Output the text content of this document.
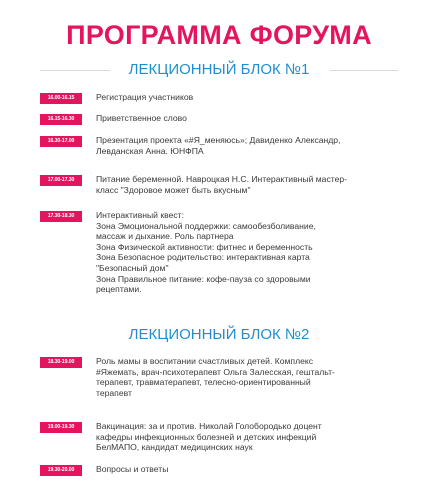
ПРОГРАММА ФОРУМА
ЛЕКЦИОННЫЙ БЛОК №1
16.00-16.15	Регистрация участников
16.15-16.30	Приветственное слово
16.30-17.00	Презентация проекта «#Я_меняюсь»; Давиденко Александр,
Левданская Анна. ЮНФПА
17.00-17.30	Питание беременной. Навроцкая Н.С. Интерактивный мастер-
класс "Здоровое может быть вкусным"
17.30-18.30	Интерактивный квест:
Зона Эмоциональной поддержки: самообезболивание,
массаж и дыхание. Роль партнера
Зона Физической активности: фитнес и беременность
Зона Безопасное родительство: интерактивная карта
"Безопасный дом"
Зона Правильное питание: кофе-пауза со здоровыми
рецептами.
ЛЕКЦИОННЫЙ БЛОК №2
18.30-19.00	Роль мамы в воспитании счастливых детей. Комплекс
#Яжемать, врач-психотерапевт Ольга Залесская, гештальт-
терапевт, травматерапевт, телесно-ориентированный
терапевт
19.00-19.30	Вакцинация: за и против. Николай Голобородько доцент
кафедры инфекционных болезней и детских инфекций
БелМАПО, кандидат медицинских наук
19.30-20.00	Вопросы и ответы
